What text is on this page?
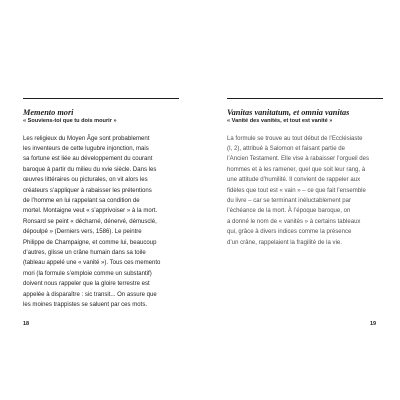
Memento mori
« Souviens-toi que tu dois mourir »

Les religieux du Moyen Âge sont probablement
les inventeurs de cette lugubre injonction, mais
sa fortune est liée au développement du courant
baroque à partir du milieu du xvie siècle. Dans les
œuvres littéraires ou picturales, on vit alors les
créateurs s’appliquer à rabaisser les prétentions
de l’homme en lui rappelant sa condition de
mortel. Montaigne veut « s’apprivoiser » à la mort.
Ronsard se peint « décharné, dénervé, démusclé,
dépoulpé » (Derniers vers, 1586). Le peintre
Philippe de Champaigne, et comme lui, beaucoup
d’autres, glisse un crâne humain dans sa toile
(tableau appelé une « vanité »). Tous ces memento
mori (la formule s’emploie comme un substantif)
doivent nous rappeler que la gloire terrestre est
appelée à disparaître : sic transit... On assure que
les moines trappistes se saluent par ces mots.

Vanitas vanitatum, et omnia vanitas
« Vanité des vanités, et tout est vanité »

La formule se trouve au tout début de l’Ecclésiaste
(I, 2), attribué à Salomon et faisant partie de
l’Ancien Testament. Elle vise à rabaisser l’orgueil des
hommes et à les ramener, quel que soit leur rang, à
une attitude d’humilité. Il convient de rappeler aux
fidèles que tout est « vain » – ce que fait l’ensemble
du livre – car se terminant inéluctablement par
l’échéance de la mort. À l’époque baroque, on
a donné le nom de « vanités » à certains tableaux
qui, grâce à divers indices comme la présence
d’un crâne, rappelaient la fragilité de la vie.

18	19
